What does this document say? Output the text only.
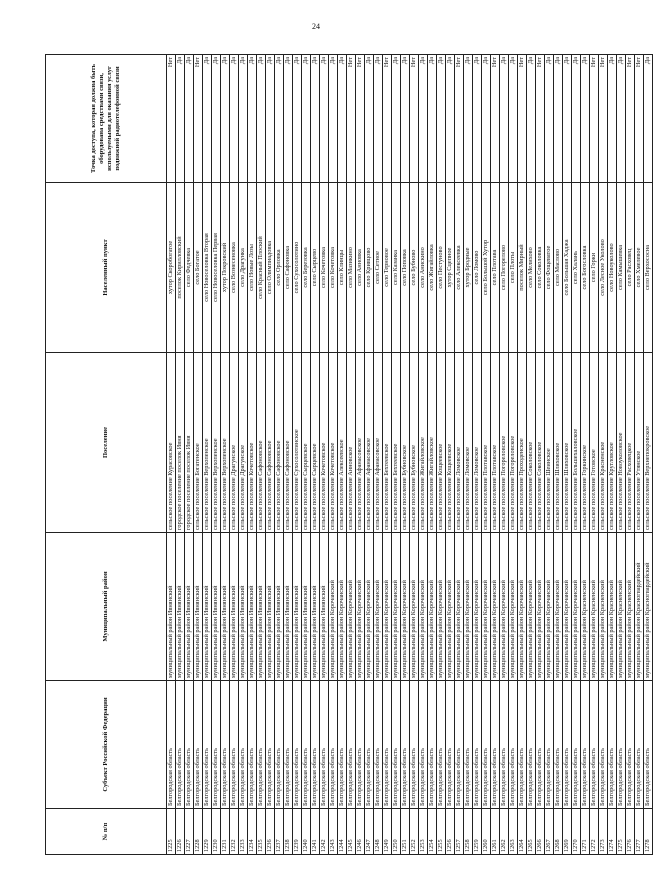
24
№ п/п	Субъект Российской Федерации	Муниципальный район	Поселение	Населенный пункт	Точка доступа, которая должна быть оборудована средствами связи, используемыми для оказания услуг подвижной радиотелефонной связи
1225	Белгородская область	муниципальный район Ивнянский	сельское поселение Курасовское	хутор Скоробогатое	Нет
1226	Белгородская область	муниципальный район Ивнянский	городское поселение поселок Ивня	поселок Кирилловский	Да
1227	Белгородская область	муниципальный район Ивнянский	городское поселение поселок Ивня	село Федчевка	Да
1228	Белгородская область	муниципальный район Ивнянский	сельское поселение Богатенское	село Богатое	Нет
1229	Белгородская область	муниципальный район Ивнянский	сельское поселение Верхопенское	село Новоселовка Вторая	Да
1230	Белгородская область	муниципальный район Ивнянский	сельское поселение Верхопенское	село Новоселовка Первая	Да
1231	Белгородская область	муниципальный район Ивнянский	сельское поселение Верхопенское	хутор Покровский	Да
1232	Белгородская область	муниципальный район Ивнянский	сельское поселение Драгунское	село Вознесеновка	Да
1233	Белгородская область	муниципальный район Ивнянский	сельское поселение Драгунское	село Драгунка	Да
1234	Белгородская область	муниципальный район Ивнянский	сельское поселение Кочетовское	село Новые Лозы	Да
1235	Белгородская область	муниципальный район Ивнянский	сельское поселение Сафоновское	село Красный Плоский	Да
1236	Белгородская область	муниципальный район Ивнянский	сельское поселение Сафоновское	село Олимпиадовка	Да
1237	Белгородская область	муниципальный район Ивнянский	сельское поселение Сафоновское	село Орловка	Да
1238	Белгородская область	муниципальный район Ивнянский	сельское поселение Сафоновское	село Сафоновка	Да
1239	Белгородская область	муниципальный район Ивнянский	сельское поселение Сухосолотинское	село Сухосолотино	Да
1240	Белгородская область	муниципальный район Ивнянский	сельское поселение Сырцевское	село Березовка	Да
1241	Белгородская область	муниципальный район Ивнянский	сельское поселение Сырцевское	село Сырцево	Да
1242	Белгородская область	муниципальный район Ивнянский	сельское поселение Кочетовское	село Кочетовка	Да
1243	Белгородская область	муниципальный район Корочанский	сельское поселение Кочетовское	село Кочетовка	Да
1244	Белгородская область	муниципальный район Корочанский	сельское поселение Алексеевское	село Клинцы	Да
1245	Белгородская область	муниципальный район Корочанский	сельское поселение Анновское	село Мазикино	Нет
1246	Белгородская область	муниципальный район Корочанский	сельское поселение Афанасовское	село Анновка	Нет
1247	Белгородская область	муниципальный район Корочанский	сельское поселение Афанасовское	село Кривцово	Да
1248	Белгородская область	муниципальный район Корочанский	сельское поселение Афанасовское	село Сетное	Да
1249	Белгородская область	муниципальный район Корочанский	сельское поселение Бехтеевское	село Терновое	Нет
1250	Белгородская область	муниципальный район Корочанский	сельское поселение Бехтеевское	село Казанка	Да
1251	Белгородская область	муниципальный район Корочанский	сельское поселение Бубновское	село Поповка	Да
1252	Белгородская область	муниципальный район Корочанский	сельское поселение Бубновское	село Бубново	Нет
1253	Белгородская область	муниципальный район Корочанский	сельское поселение Жигайловское	село Анискино	Да
1254	Белгородская область	муниципальный район Корочанский	сельское поселение Жигайловское	село Жигайловка	Да
1255	Белгородская область	муниципальный район Корочанский	сельское поселение Кощеевское	село Пестуново	Да
1256	Белгородская область	муниципальный район Корочанский	сельское поселение Кощеевское	хутор Сцепное	Да
1257	Белгородская область	муниципальный район Корочанский	сельское поселение Ломовское	село Алексеевка	Нет
1258	Белгородская область	муниципальный район Корочанский	сельское поселение Ломовское	хутор Бродные	Да
1259	Белгородская область	муниципальный район Корочанский	сельское поселение Ломовское	село Ломово	Да
1260	Белгородская область	муниципальный район Корочанский	сельское поселение Плотавское	село Большой Хутор	Да
1261	Белгородская область	муниципальный район Корочанский	сельское поселение Плотавское	село Плотава	Нет
1262	Белгородская область	муниципальный район Корочанский	сельское поселение Погореловское	село Погорелово	Да
1263	Белгородская область	муниципальный район Корочанский	сельское поселение Погореловское	село Плоты	Да
1264	Белгородская область	муниципальный район Корочанский	сельское поселение Проходенское	поселок Мирный	Нет
1265	Белгородская область	муниципальный район Корочанский	сельское поселение Соколовское	село Мелихово	Да
1266	Белгородская область	муниципальный район Корочанский	сельское поселение Соколовское	село Соколовка	Нет
1267	Белгородская область	муниципальный район Корочанский	сельское поселение Шеинское	село Фощеватое	Да
1268	Белгородская область	муниципальный район Корочанский	сельское поселение Шляховское	село Маслово	Да
1269	Белгородская область	муниципальный район Корочанский	сельское поселение Шляховское	село Большая Хаджа	Да
1270	Белгородская область	муниципальный район Корочанский	сельское поселение Большехаловское	село Халань	Да
1271	Белгородская область	муниципальный район Красненский	сельское поселение Горкинское	село Богословка	Да
1272	Белгородская область	муниципальный район Красненский	сельское поселение Готовское	село Горки	Нет
1273	Белгородская область	муниципальный район Красненский	сельское поселение Красненское	село Лесное Уколово	Нет
1274	Белгородская область	муниципальный район Красненский	сельское поселение Кругловское	село Новоуколово	Да
1275	Белгородская область	муниципальный район Красненский	сельское поселение Новоуколовское	село Камышевка	Да
1276	Белгородская область	муниципальный район Красненский	сельское поселение Расховецкое	село Расховец	Нет
1277	Белгородская область	муниципальный район Красногвардейский	сельское поселение Утянское	село Хмелевое	Нет
1278	Белгородская область	муниципальный район Красногвардейский	сельское поселение Верхнепокровское	село Верхососна	Да
